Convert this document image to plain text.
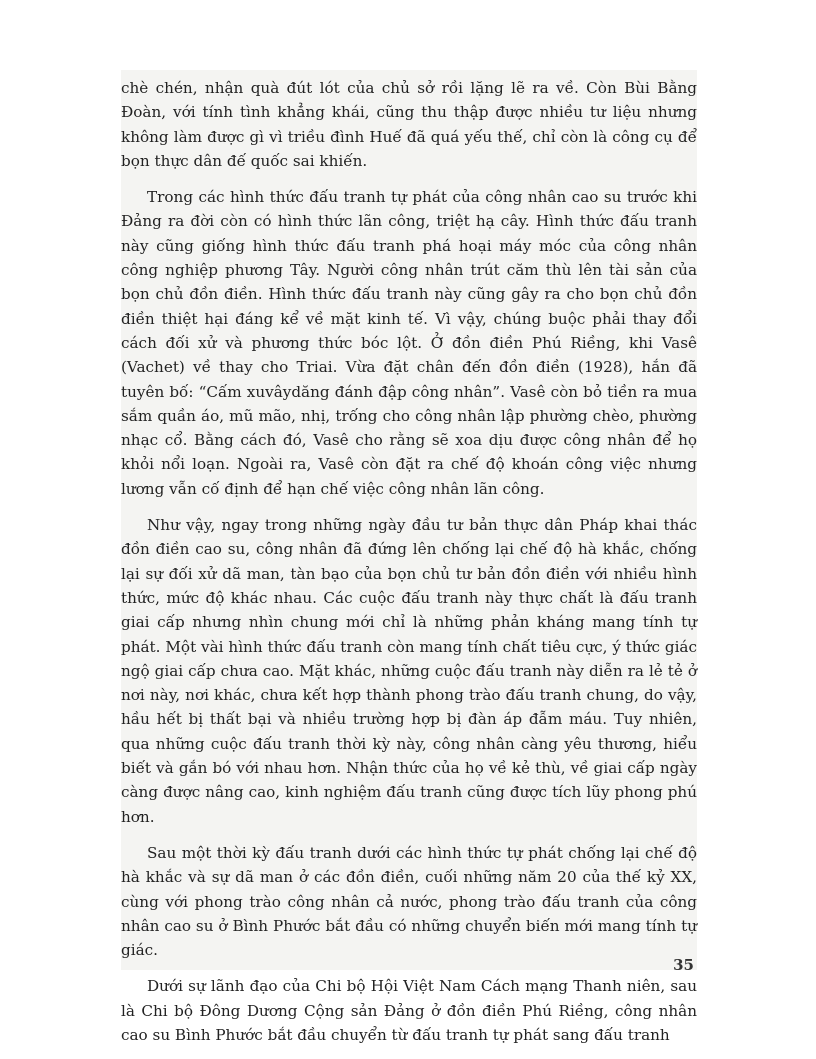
chè chén, nhận quà đút lót của chủ sở rồi lặng lẽ ra về. Còn Bùi Bằng Đoàn, với tính tình khẳng khái, cũng thu thập được nhiều tư liệu nhưng không làm được gì vì triều đình Huế đã quá yếu thế, chỉ còn là công cụ để bọn thực dân đế quốc sai khiến.

Trong các hình thức đấu tranh tự phát của công nhân cao su trước khi Đảng ra đời còn có hình thức lãn công, triệt hạ cây. Hình thức đấu tranh này cũng giống hình thức đấu tranh phá hoại máy móc của công nhân công nghiệp phương Tây. Người công nhân trút căm thù lên tài sản của bọn chủ đồn điền. Hình thức đấu tranh này cũng gây ra cho bọn chủ đồn điền thiệt hại đáng kể về mặt kinh tế. Vì vậy, chúng buộc phải thay đổi cách đối xử và phương thức bóc lột. Ở đồn điền Phú Riềng, khi Vasê (Vachet) về thay cho Triai. Vừa đặt chân đến đồn điền (1928), hắn đã tuyên bố: “Cấm xuvâydăng đánh đập công nhân”. Vasê còn bỏ tiền ra mua sắm quần áo, mũ mão, nhị, trống cho công nhân lập phường chèo, phường nhạc cổ. Bằng cách đó, Vasê cho rằng sẽ xoa dịu được công nhân để họ khỏi nổi loạn. Ngoài ra, Vasê còn đặt ra chế độ khoán công việc nhưng lương vẫn cố định để hạn chế việc công nhân lãn công.

Như vậy, ngay trong những ngày đầu tư bản thực dân Pháp khai thác đồn điền cao su, công nhân đã đứng lên chống lại chế độ hà khắc, chống lại sự đối xử dã man, tàn bạo của bọn chủ tư bản đồn điền với nhiều hình thức, mức độ khác nhau. Các cuộc đấu tranh này thực chất là đấu tranh giai cấp nhưng nhìn chung mới chỉ là những phản kháng mang tính tự phát. Một vài hình thức đấu tranh còn mang tính chất tiêu cực, ý thức giác ngộ giai cấp chưa cao. Mặt khác, những cuộc đấu tranh này diễn ra lẻ tẻ ở nơi này, nơi khác, chưa kết hợp thành phong trào đấu tranh chung, do vậy, hầu hết bị thất bại và nhiều trường hợp bị đàn áp đẫm máu. Tuy nhiên, qua những cuộc đấu tranh thời kỳ này, công nhân càng yêu thương, hiểu biết và gắn bó với nhau hơn. Nhận thức của họ về kẻ thù, về giai cấp ngày càng được nâng cao, kinh nghiệm đấu tranh cũng được tích lũy phong phú hơn.

Sau một thời kỳ đấu tranh dưới các hình thức tự phát chống lại chế độ hà khắc và sự dã man ở các đồn điền, cuối những năm 20 của thế kỷ XX, cùng với phong trào công nhân cả nước, phong trào đấu tranh của công nhân cao su ở Bình Phước bắt đầu có những chuyển biến mới mang tính tự giác.

Dưới sự lãnh đạo của Chi bộ Hội Việt Nam Cách mạng Thanh niên, sau là Chi bộ Đông Dương Cộng sản Đảng ở đồn điền Phú Riềng, công nhân cao su Bình Phước bắt đầu chuyển từ đấu tranh tự phát sang đấu tranh

35
